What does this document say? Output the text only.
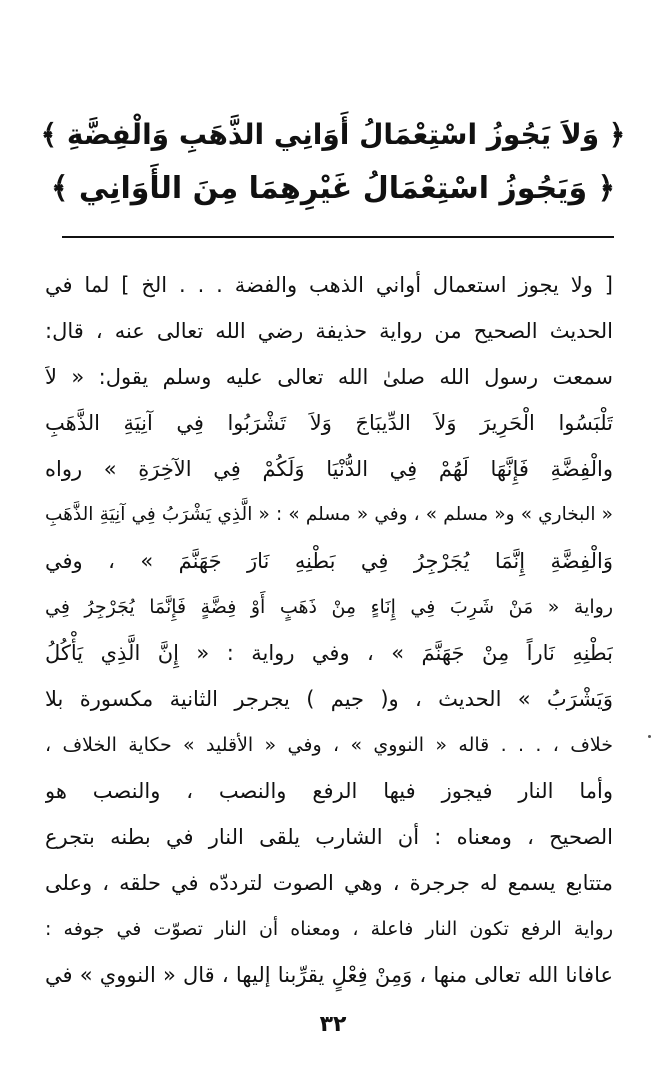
﴿ وَلاَ يَجُوزُ اسْتِعْمَالُ أَوَانِي الذَّهَبِ وَالْفِضَّةِ ﴾
﴿ وَيَجُوزُ اسْتِعْمَالُ غَيْرِهِمَا مِنَ الأَوَانِي ﴾
[ ولا يجوز استعمال أواني الذهب والفضة . . . الخ ] لما في
الحديث الصحيح من رواية حذيفة رضي الله تعالى عنه ، قال:
سمعت رسول الله صلىٰ الله تعالى عليه وسلم يقول: « لاَ
تَلْبَسُوا الْحَرِيرَ وَلاَ الدِّيبَاجَ وَلاَ تَشْرَبُوا فِي آنِيَةِ الذَّهَبِ
والْفِضَّةِ فَإِنَّهَا لَهُمْ فِي الدُّنْيَا وَلَكُمْ فِي الآخِرَةِ » رواه
« البخاري » و« مسلم » ، وفي « مسلم » : « الَّذِي يَشْرَبُ فِي آنِيَةِ الذَّهَبِ
وَالْفِضَّةِ إِنَّمَا يُجَرْجِرُ فِي بَطْنِهِ نَارَ جَهَنَّمَ » ، وفي
رواية « مَنْ شَرِبَ فِي إِنَاءٍ مِنْ ذَهَبٍ أَوْ فِضَّةٍ فَإِنَّمَا يُجَرْجِرُ فِي
بَطْنِهِ نَاراً مِنْ جَهَنَّمَ » ، وفي رواية : « إِنَّ الَّذِي يَأْكُلُ
وَيَشْرَبُ » الحديث ، و( جيم ) يجرجر الثانية مكسورة بلا
خلاف ، . . . قاله « النووي » ، وفي « الأقليد » حكاية الخلاف ،
وأما النار فيجوز فيها الرفع والنصب ، والنصب هو
الصحيح ، ومعناه : أن الشارب يلقى النار في بطنه بتجرع
متتابع يسمع له جرجرة ، وهي الصوت لترددّه في حلقه ، وعلى
رواية الرفع تكون النار فاعلة ، ومعناه أن النار تصوّت في جوفه :
عافانا الله تعالى منها ، وَمِنْ فِعْلٍ يقرِّبنا إليها ، قال « النووي » في
٣٢
